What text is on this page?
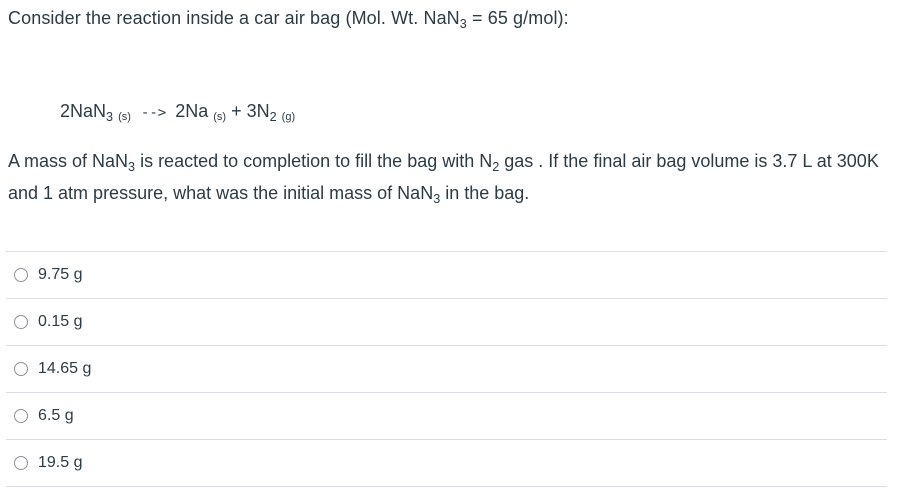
Consider the reaction inside a car air bag (Mol. Wt. NaN$_3$ = 65 g/mol):
2NaN$_3$ (s) --> 2Na $(s) + 3N_2$ (g)
A mass of NaN$_3$ is reacted to completion to fill the bag with $N_2$ gas . If the final air bag volume is 3.7 L at 300K and 1 atm pressure, what was the initial mass of NaN$_3$ in the bag.
9.75 g
0.15 g
14.65 g
6.5 g
19.5 g
